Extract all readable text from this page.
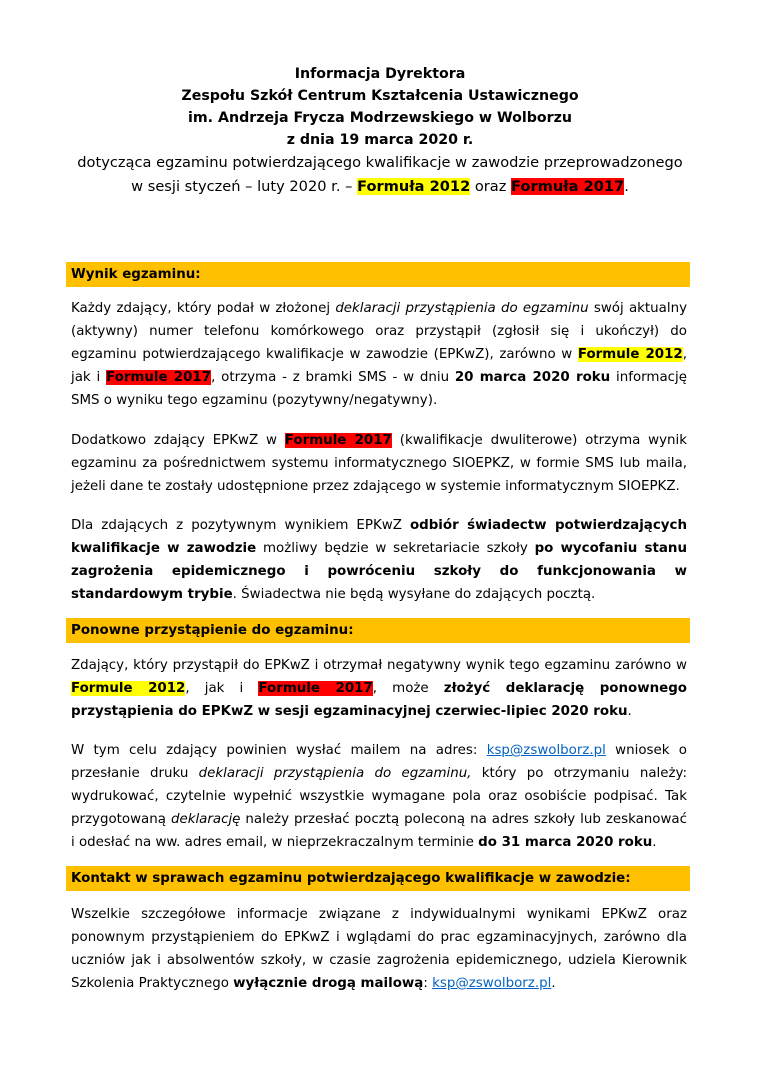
Informacja Dyrektora
Zespołu Szkół Centrum Kształcenia Ustawicznego
im. Andrzeja Frycza Modrzewskiego w Wolborzu
z dnia 19 marca 2020 r.
dotycząca egzaminu potwierdzającego kwalifikacje w zawodzie przeprowadzonego
w sesji styczeń – luty 2020 r. – Formuła 2012 oraz Formuła 2017.
Wynik egzaminu:

Każdy zdający, który podał w złożonej deklaracji przystąpienia do egzaminu swój aktualny (aktywny) numer telefonu komórkowego oraz przystąpił (zgłosił się i ukończył) do egzaminu potwierdzającego kwalifikacje w zawodzie (EPKwZ), zarówno w Formule 2012, jak i Formule 2017, otrzyma - z bramki SMS - w dniu 20 marca 2020 roku informację SMS o wyniku tego egzaminu (pozytywny/negatywny).

Dodatkowo zdający EPKwZ w Formule 2017 (kwalifikacje dwuliterowe) otrzyma wynik egzaminu za pośrednictwem systemu informatycznego SIOEPKZ, w formie SMS lub maila, jeżeli dane te zostały udostępnione przez zdającego w systemie informatycznym SIOEPKZ.

Dla zdających z pozytywnym wynikiem EPKwZ odbiór świadectw potwierdzających kwalifikacje w zawodzie możliwy będzie w sekretariacie szkoły po wycofaniu stanu zagrożenia epidemicznego i powróceniu szkoły do funkcjonowania w standardowym trybie. Świadectwa nie będą wysyłane do zdających pocztą.

Ponowne przystąpienie do egzaminu:

Zdający, który przystąpił do EPKwZ i otrzymał negatywny wynik tego egzaminu zarówno w Formule 2012, jak i Formule 2017, może złożyć deklarację ponownego przystąpienia do EPKwZ w sesji egzaminacyjnej czerwiec-lipiec 2020 roku.

W tym celu zdający powinien wysłać mailem na adres: ksp@zswolborz.pl wniosek o przesłanie druku deklaracji przystąpienia do egzaminu, który po otrzymaniu należy: wydrukować, czytelnie wypełnić wszystkie wymagane pola oraz osobiście podpisać. Tak przygotowaną deklarację należy przesłać pocztą poleconą na adres szkoły lub zeskanować i odesłać na ww. adres email, w nieprzekraczalnym terminie do 31 marca 2020 roku.

Kontakt w sprawach egzaminu potwierdzającego kwalifikacje w zawodzie:

Wszelkie szczegółowe informacje związane z indywidualnymi wynikami EPKwZ oraz ponownym przystąpieniem do EPKwZ i wglądami do prac egzaminacyjnych, zarówno dla uczniów jak i absolwentów szkoły, w czasie zagrożenia epidemicznego, udziela Kierownik Szkolenia Praktycznego wyłącznie drogą mailową: ksp@zswolborz.pl.
